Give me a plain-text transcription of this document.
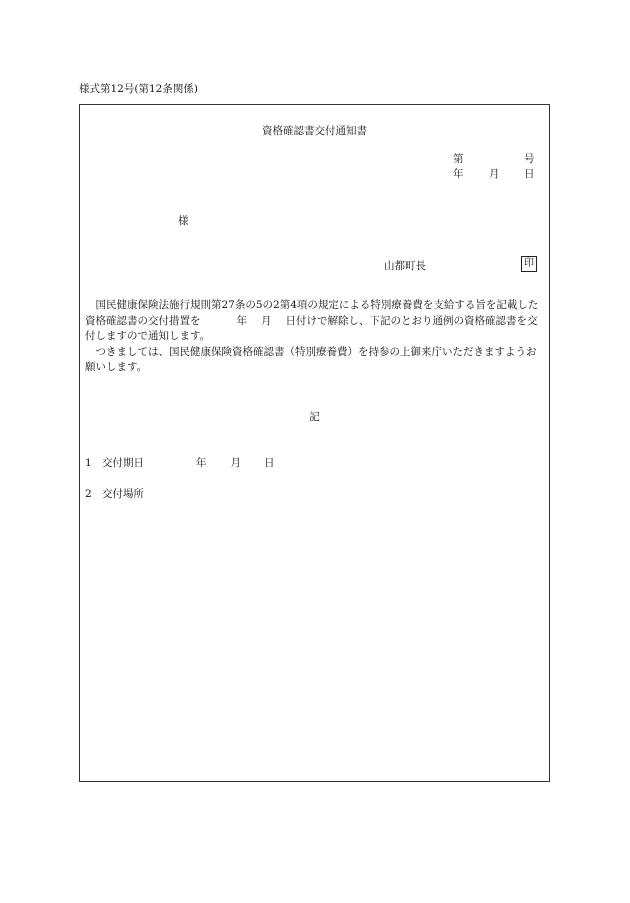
様式第12号(第12条関係)
資格確認書交付通知書
第	号
年 月 日
様
山都町長	印

国民健康保険法施行規則第27条の5の2第4項の規定による特別療養費を支給する旨を記載した資格確認書の交付措置を	年 月 日付けで解除し、下記のとおり通例の資格確認書を交付しますので通知します。

つきましては、国民健康保険資格確認書（特別療養費）を持参の上御来庁いただきますようお願いします。

記
1 交付期日	年 月 日
2 交付場所
